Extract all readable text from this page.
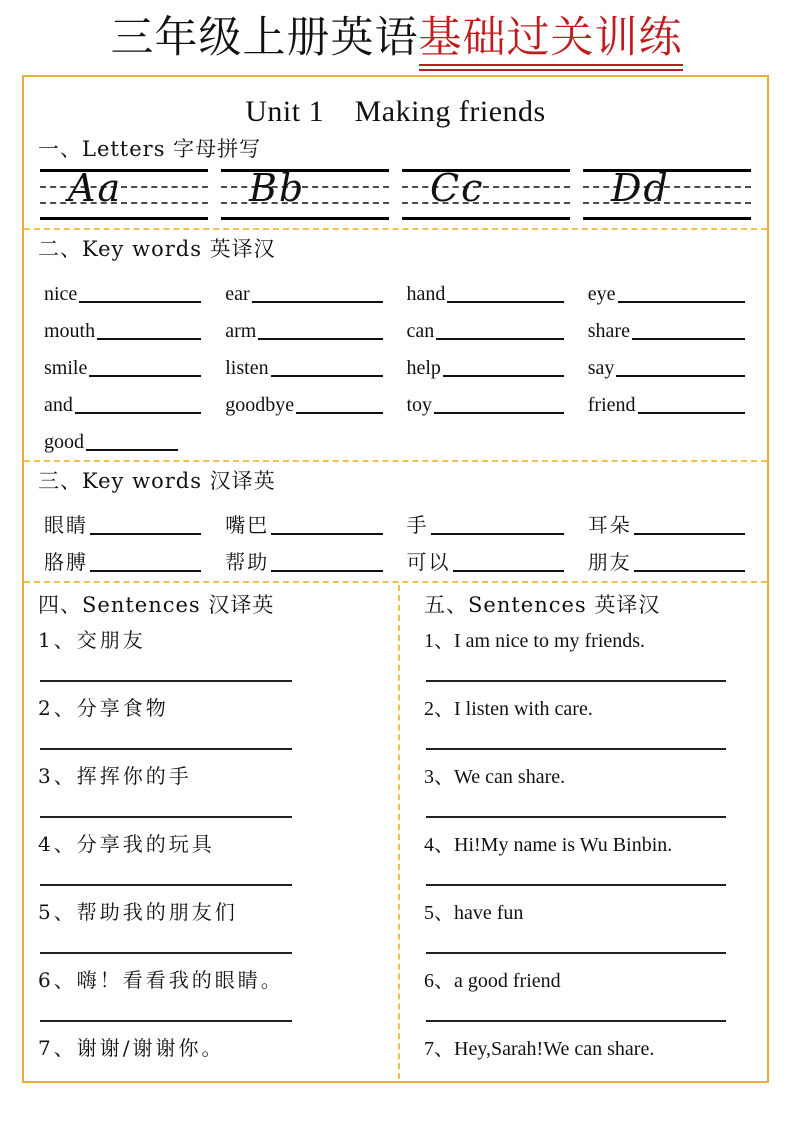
三年级上册英语基础过关训练
Unit 1　Making friends
一、Letters 字母拼写
Aa	Bb	Cc	Dd
二、Key words 英译汉
nice	ear	hand	eye
mouth	arm	can	share
smile	listen	help	say
and	goodbye	toy	friend
good
三、Key words 汉译英
眼睛	嘴巴	手	耳朵
胳膊	帮助	可以	朋友
四、Sentences 汉译英
1、交朋友
2、分享食物
3、挥挥你的手
4、分享我的玩具
5、帮助我的朋友们
6、嗨！看看我的眼睛。
7、谢谢/谢谢你。
五、Sentences 英译汉
1、I am nice to my friends.
2、I listen with care.
3、We can share.
4、Hi!My name is Wu Binbin.
5、have fun
6、a good friend
7、Hey,Sarah!We can share.
